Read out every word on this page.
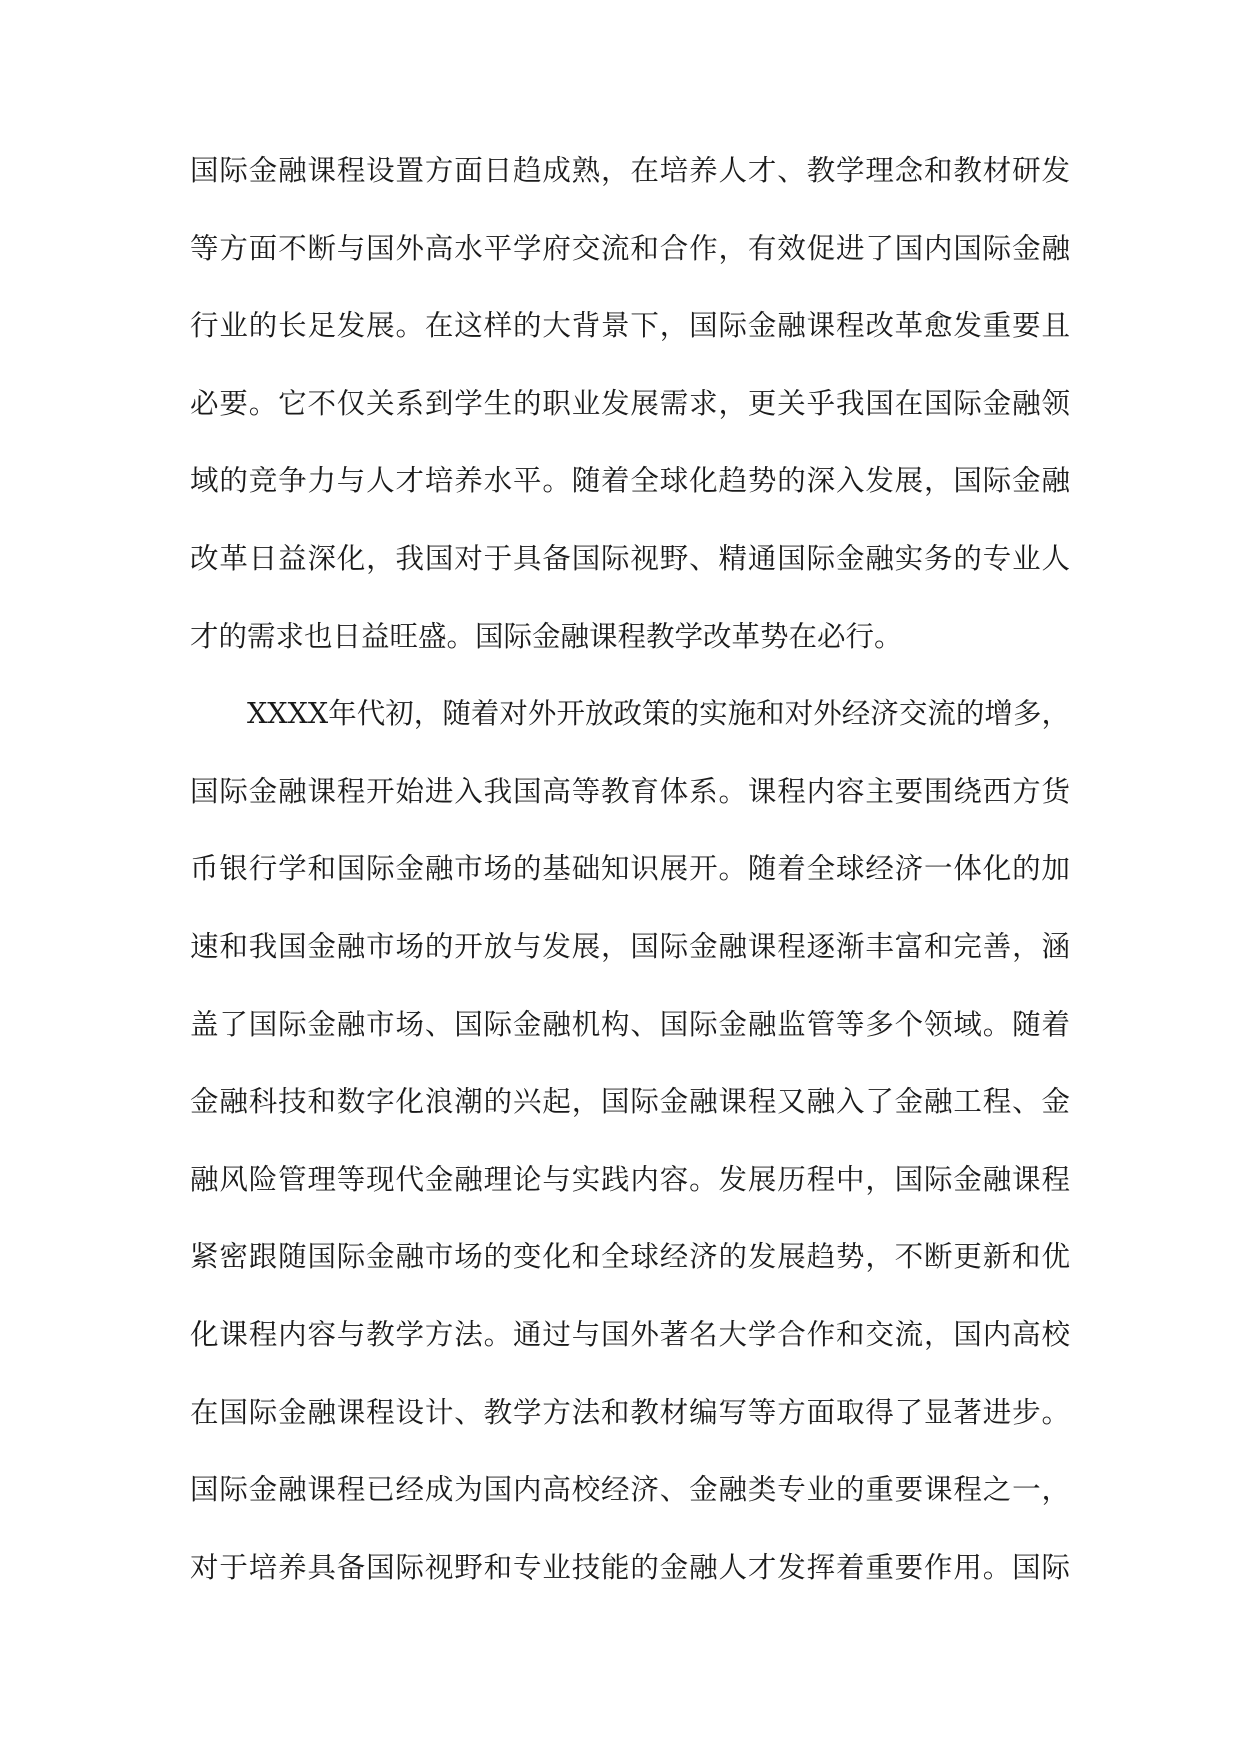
国际金融课程设置方面日趋成熟，在培养人才、教学理念和教材研发
等方面不断与国外高水平学府交流和合作，有效促进了国内国际金融
行业的长足发展。在这样的大背景下，国际金融课程改革愈发重要且
必要。它不仅关系到学生的职业发展需求，更关乎我国在国际金融领
域的竞争力与人才培养水平。随着全球化趋势的深入发展，国际金融
改革日益深化，我国对于具备国际视野、精通国际金融实务的专业人
才的需求也日益旺盛。国际金融课程教学改革势在必行。
XXXX年代初，随着对外开放政策的实施和对外经济交流的增多，
国际金融课程开始进入我国高等教育体系。课程内容主要围绕西方货
币银行学和国际金融市场的基础知识展开。随着全球经济一体化的加
速和我国金融市场的开放与发展，国际金融课程逐渐丰富和完善，涵
盖了国际金融市场、国际金融机构、国际金融监管等多个领域。随着
金融科技和数字化浪潮的兴起，国际金融课程又融入了金融工程、金
融风险管理等现代金融理论与实践内容。发展历程中，国际金融课程
紧密跟随国际金融市场的变化和全球经济的发展趋势，不断更新和优
化课程内容与教学方法。通过与国外著名大学合作和交流，国内高校
在国际金融课程设计、教学方法和教材编写等方面取得了显著进步。
国际金融课程已经成为国内高校经济、金融类专业的重要课程之一，
对于培养具备国际视野和专业技能的金融人才发挥着重要作用。国际
